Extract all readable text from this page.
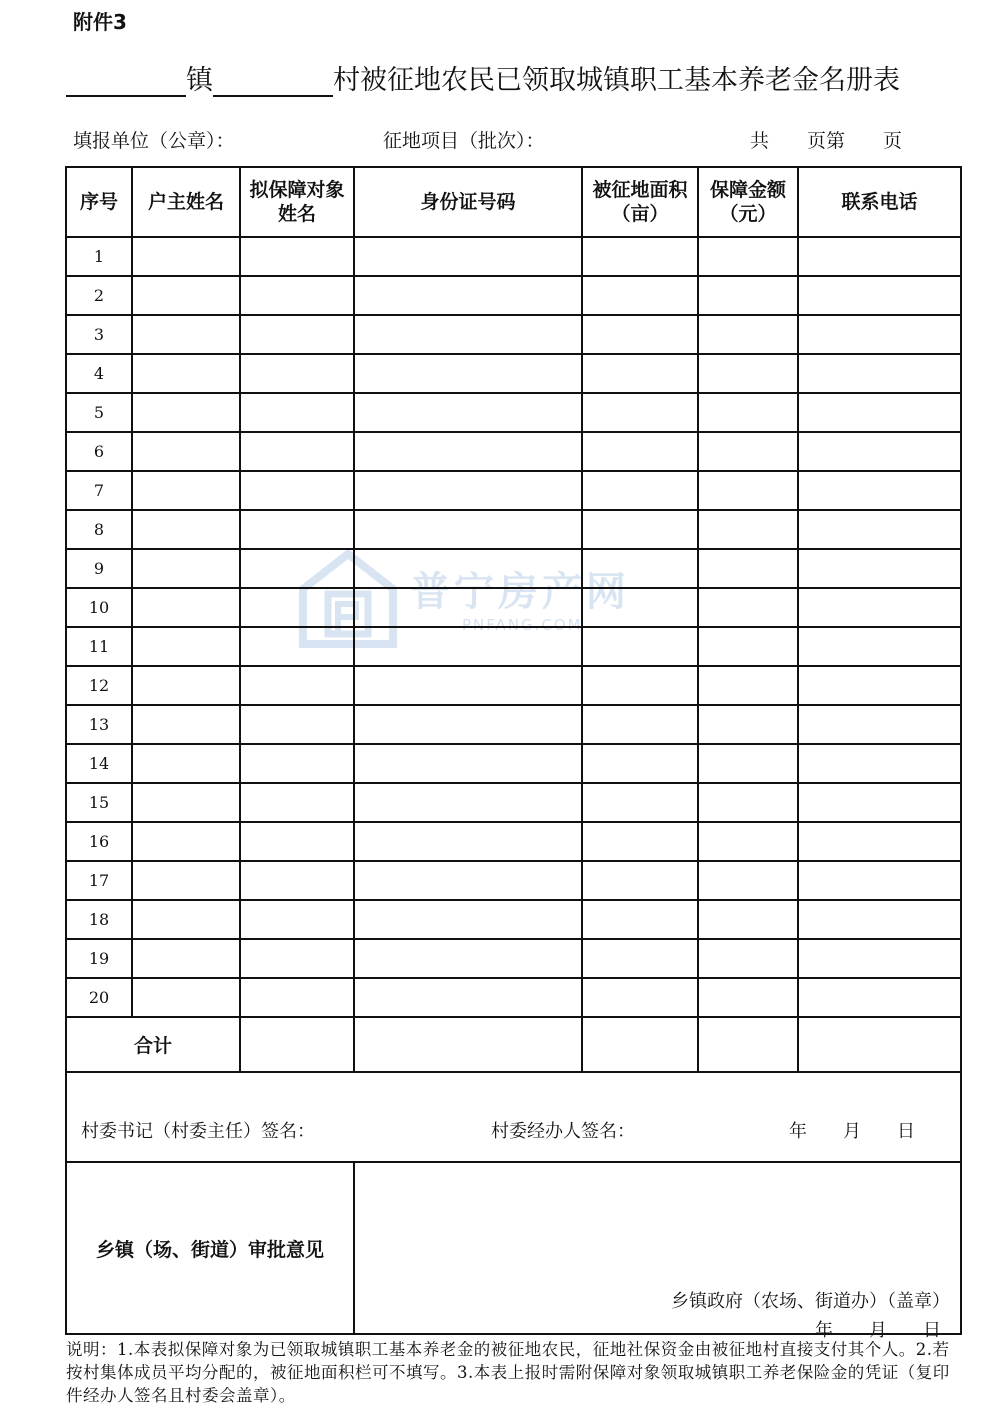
附件3
镇	村被征地农民已领取城镇职工基本养老金名册表
填报单位（公章）：	征地项目（批次）：	共　　页第　　页
普宁房产网
PNFANG.COM
序号	户主姓名	拟保障对象姓名	身份证号码	被征地面积（亩）	保障金额（元）	联系电话
1						
2						
3						
4						
5						
6						
7						
8						
9						
10						
11						
12						
13						
14						
15						
16						
17						
18						
19						
20						
合计						

村委书记（村委主任）签名： 村委经办人签名： 年　　月　　日						

乡镇（场、街道）审批意见			乡镇政府（农场、街道办）（盖章）			
年　　月　　日
说明：1.本表拟保障对象为已领取城镇职工基本养老金的被征地农民，征地社保资金由被征地村直接支付其个人。2.若按村集体成员平均分配的，被征地面积栏可不填写。3.本表上报时需附保障对象领取城镇职工养老保险金的凭证（复印件经办人签名且村委会盖章）。
